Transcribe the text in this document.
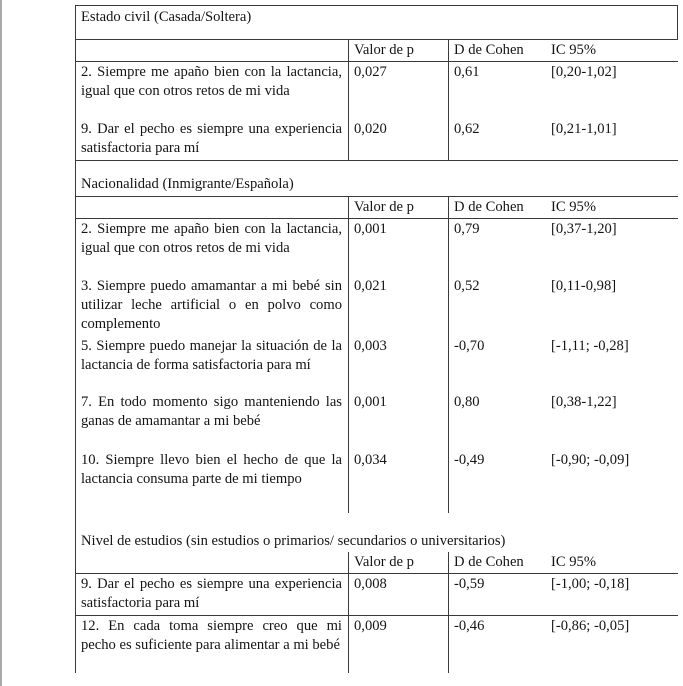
Estado civil (Casada/Soltera)
Valor de p	D de Cohen	IC 95%
2. Siempre me apaño bien con la lactancia, igual que con otros retos de mi vida
0,027	0,61	[0,20-1,02]
9. Dar el pecho es siempre una experiencia satisfactoria para mí
0,020	0,62	[0,21-1,01]
Nacionalidad (Inmigrante/Española)
Valor de p	D de Cohen	IC 95%
2. Siempre me apaño bien con la lactancia, igual que con otros retos de mi vida
0,001	0,79	[0,37-1,20]
3. Siempre puedo amamantar a mi bebé sin utilizar leche artificial o en polvo como complemento
0,021	0,52	[0,11-0,98]
5. Siempre puedo manejar la situación de la lactancia de forma satisfactoria para mí
0,003	-0,70	[-1,11; -0,28]
7. En todo momento sigo manteniendo las ganas de amamantar a mi bebé
0,001	0,80	[0,38-1,22]
10. Siempre llevo bien el hecho de que la lactancia consuma parte de mi tiempo
0,034	-0,49	[-0,90; -0,09]
Nivel de estudios (sin estudios o primarios/ secundarios o universitarios)
Valor de p	D de Cohen	IC 95%
9. Dar el pecho es siempre una experiencia satisfactoria para mí
0,008	-0,59	[-1,00; -0,18]
12. En cada toma siempre creo que mi pecho es suficiente para alimentar a mi bebé
0,009	-0,46	[-0,86; -0,05]
